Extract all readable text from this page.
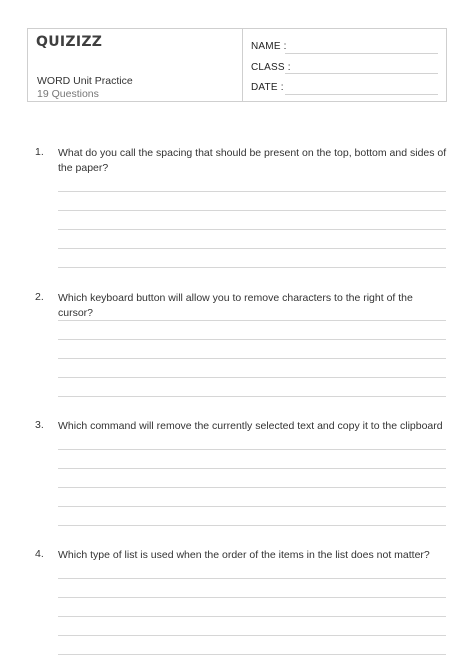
QUIZIZZ
WORD Unit Practice
19 Questions
NAME :
CLASS :
DATE :
1. What do you call the spacing that should be present on the top, bottom and sides of the paper?
2. Which keyboard button will allow you to remove characters to the right of the cursor?
3. Which command will remove the currently selected text and copy it to the clipboard
4. Which type of list is used when the order of the items in the list does not matter?
